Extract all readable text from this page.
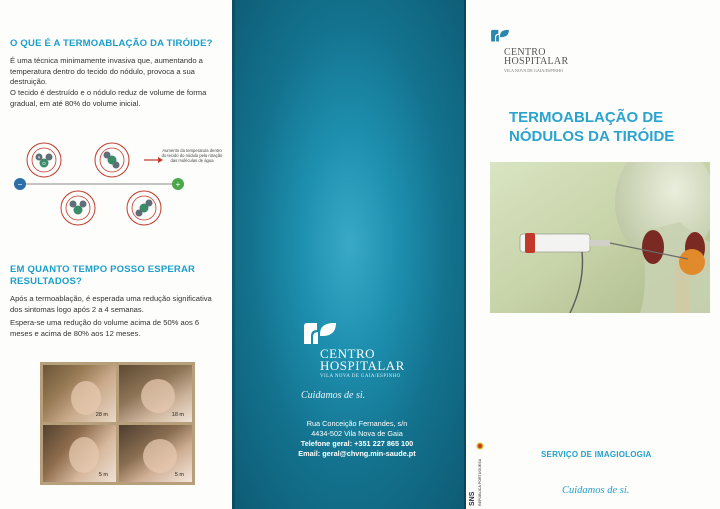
O QUE É A TERMOABLAÇÃO DA TIRÓIDE?
É uma técnica minimamente invasiva que, aumentando a temperatura dentro do tecido do nódulo, provoca a sua destruição.
O tecido é destruído e o nódulo reduz de volume de forma gradual, em até 80% do volume inicial.
−	+
O
H
Aumento da temperatura dentro do tecido do nódulo pela rotação das moléculas de água
EM QUANTO TEMPO POSSO ESPERAR RESULTADOS?
Após a termoablação, é esperada uma redução significativa dos sintomas logo após 2 a 4 semanas.
Espera-se uma redução do volume acima de 50% aos 6 meses e acima de 80% aos 12 meses.
28 m	18 m
5 m	5 m
CENTRO
HOSPITALAR
VILA NOVA DE GAIA/ESPINHO
Cuidamos de si.
Rua Conceição Fernandes, s/n
4434-502 Vila Nova de Gaia
Telefone geral: +351 227 865 100
Email: geral@chvng.min-saude.pt
SNS REPÚBLICA PORTUGUESA
CENTRO
HOSPITALAR
VILA NOVA DE GAIA/ESPINHO
TERMOABLAÇÃO DE
NÓDULOS DA TIRÓIDE
SERVIÇO DE IMAGIOLOGIA
Cuidamos de si.
